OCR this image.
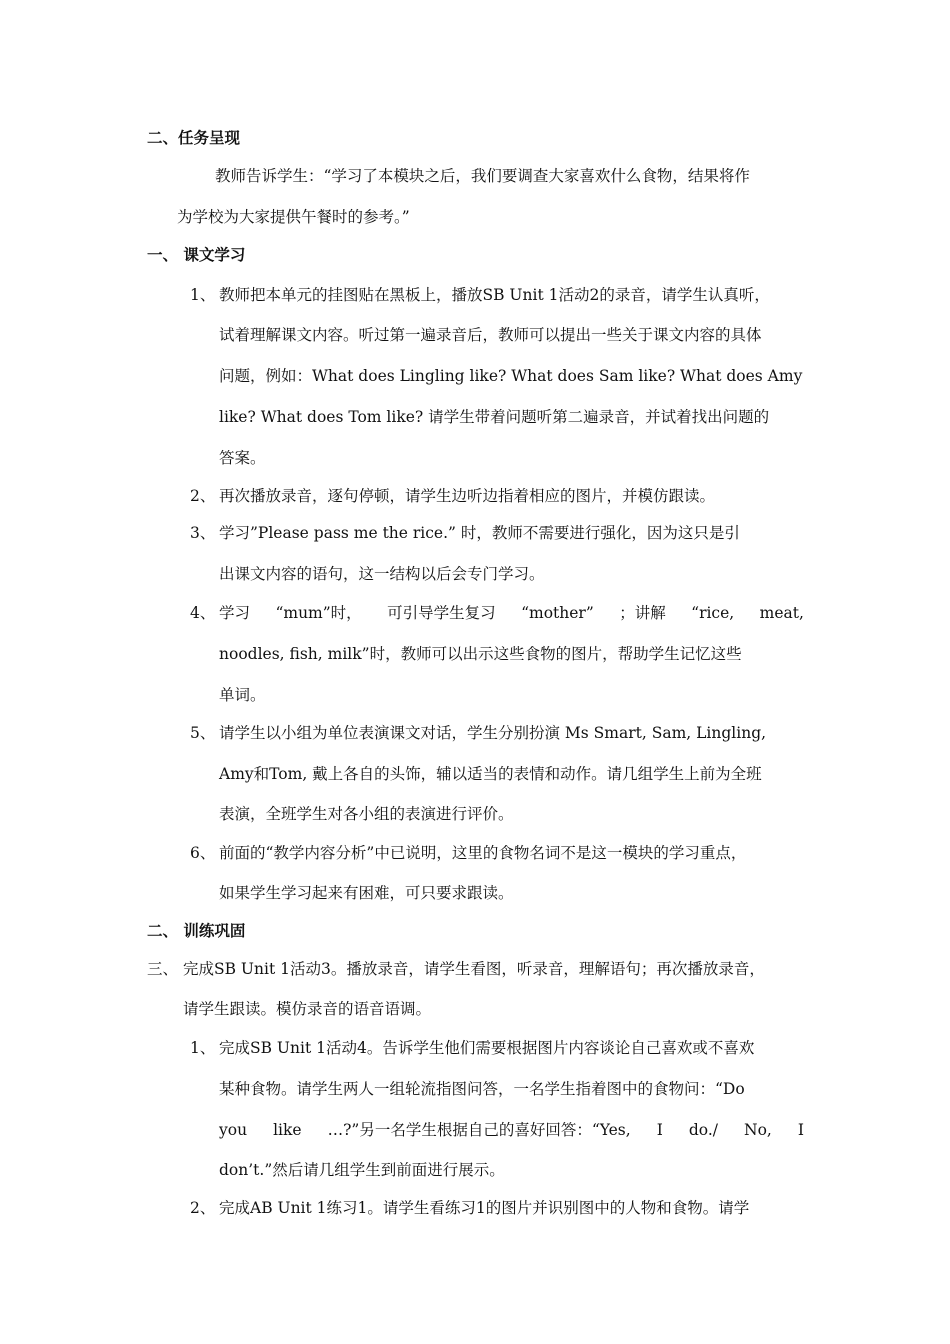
二、任务呈现
教师告诉学生：“学习了本模块之后，我们要调查大家喜欢什么食物，结果将作
为学校为大家提供午餐时的参考。”
一、 课文学习
1、 教师把本单元的挂图贴在黑板上，播放SB Unit 1活动2的录音，请学生认真听，
试着理解课文内容。听过第一遍录音后，教师可以提出一些关于课文内容的具体
问题，例如：What does Lingling like? What does Sam like? What does Amy
like? What does Tom like? 请学生带着问题听第二遍录音，并试着找出问题的
答案。
2、 再次播放录音，逐句停顿，请学生边听边指着相应的图片，并模仿跟读。
3、 学习”Please pass me the rice.” 时，教师不需要进行强化，因为这只是引
出课文内容的语句，这一结构以后会专门学习。
4、 学习 “mum”时， 可引导学生复习 “mother” ；讲解 “rice, meat,
noodles, fish, milk”时，教师可以出示这些食物的图片，帮助学生记忆这些
单词。
5、 请学生以小组为单位表演课文对话，学生分别扮演 Ms Smart, Sam, Lingling,
Amy和Tom, 戴上各自的头饰，辅以适当的表情和动作。请几组学生上前为全班
表演，全班学生对各小组的表演进行评价。
6、 前面的“教学内容分析”中已说明，这里的食物名词不是这一模块的学习重点，
如果学生学习起来有困难，可只要求跟读。
二、 训练巩固
三、 完成SB Unit 1活动3。播放录音，请学生看图，听录音，理解语句；再次播放录音，
请学生跟读。模仿录音的语音语调。
1、 完成SB Unit 1活动4。告诉学生他们需要根据图片内容谈论自己喜欢或不喜欢
某种食物。请学生两人一组轮流指图问答，一名学生指着图中的食物问：“Do
you like …?”另一名学生根据自己的喜好回答：“Yes, I do./ No, I
don’t.”然后请几组学生到前面进行展示。
2、 完成AB Unit 1练习1。请学生看练习1的图片并识别图中的人物和食物。请学
